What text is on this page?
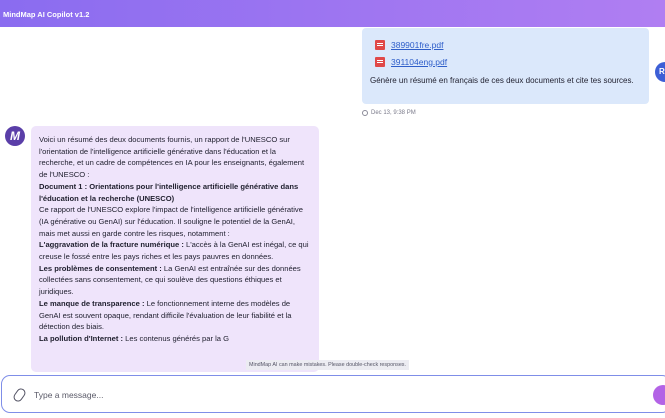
MindMap AI Copilot v1.2
389901fre.pdf
391104eng.pdf
Génère un résumé en français de ces deux documents et cite tes sources.
R
Dec 13, 9:38 PM
M	Voici un résumé des deux documents fournis, un rapport de l'UNESCO sur l'orientation de l'intelligence artificielle générative dans l'éducation et la recherche, et un cadre de compétences en IA pour les enseignants, également de l'UNESCO :
Document 1 : Orientations pour l'intelligence artificielle générative dans l'éducation et la recherche (UNESCO)
Ce rapport de l'UNESCO explore l'impact de l'intelligence artificielle générative (IA générative ou GenAI) sur l'éducation. Il souligne le potentiel de la GenAI, mais met aussi en garde contre les risques, notamment :
L'aggravation de la fracture numérique : L'accès à la GenAI est inégal, ce qui creuse le fossé entre les pays riches et les pays pauvres en données.
Les problèmes de consentement : La GenAI est entraînée sur des données collectées sans consentement, ce qui soulève des questions éthiques et juridiques.
Le manque de transparence : Le fonctionnement interne des modèles de GenAI est souvent opaque, rendant difficile l'évaluation de leur fiabilité et la détection des biais.
La pollution d'Internet : Les contenus générés par la G
MindMap AI can make mistakes. Please double-check responses.
Type a message...
